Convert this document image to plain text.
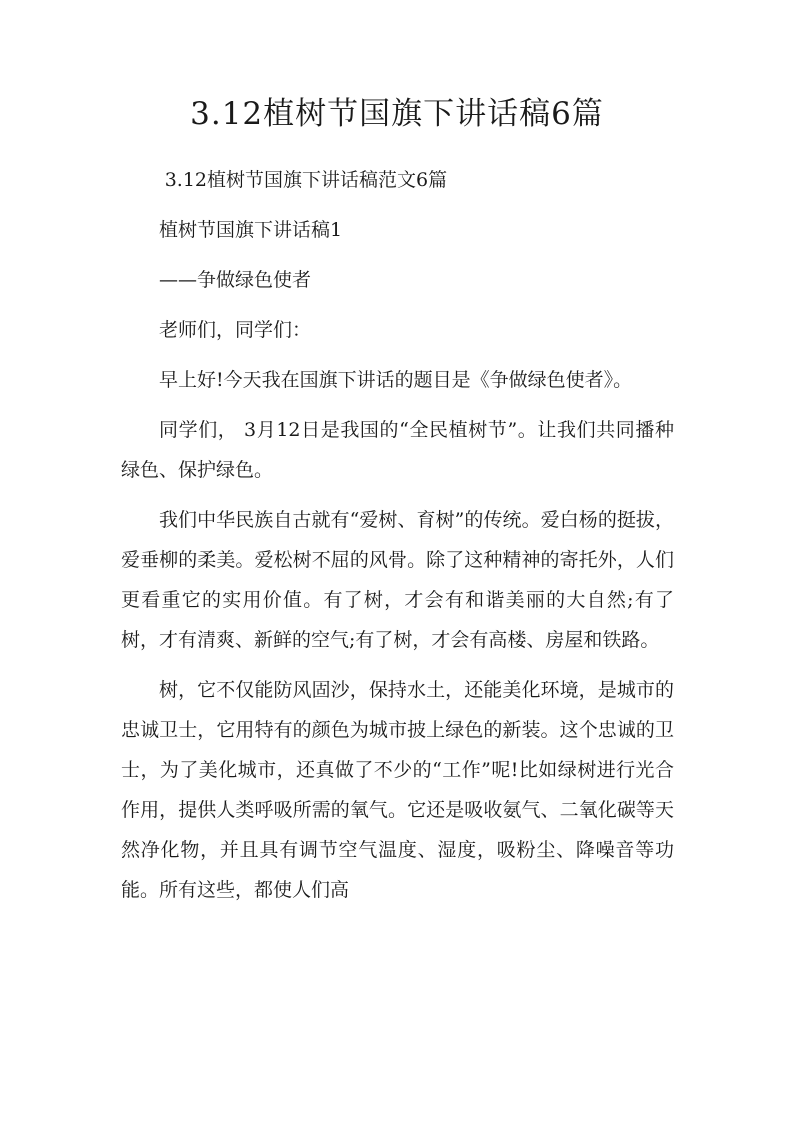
3.12植树节国旗下讲话稿6篇

3.12植树节国旗下讲话稿范文6篇

植树节国旗下讲话稿1

——争做绿色使者

老师们，同学们：

早上好!今天我在国旗下讲话的题目是《争做绿色使者》。

同学们， 3月12日是我国的“全民植树节”。让我们共同播种绿色、保护绿色。

我们中华民族自古就有“爱树、育树”的传统。爱白杨的挺拔，爱垂柳的柔美。爱松树不屈的风骨。除了这种精神的寄托外，人们更看重它的实用价值。有了树，才会有和谐美丽的大自然;有了树，才有清爽、新鲜的空气;有了树，才会有高楼、房屋和铁路。

树，它不仅能防风固沙，保持水土，还能美化环境，是城市的忠诚卫士，它用特有的颜色为城市披上绿色的新装。这个忠诚的卫士，为了美化城市，还真做了不少的“工作”呢!比如绿树进行光合作用，提供人类呼吸所需的氧气。它还是吸收氨气、二氧化碳等天然净化物，并且具有调节空气温度、湿度，吸粉尘、降噪音等功能。所有这些，都使人们高
